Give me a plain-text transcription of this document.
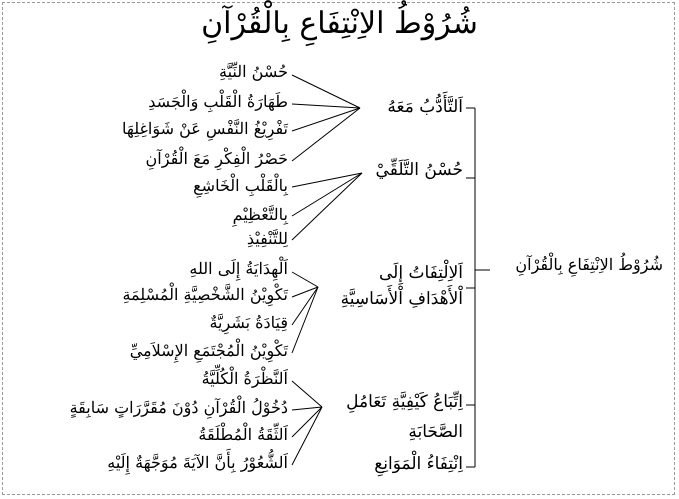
شُرُوْطُ الاِنْتِفَاعِ بِالْقُرْآنِ
حُسْنُ النِّيَّةِ
طَهَارَةُ الْقَلْبِ وَالْجَسَدِ
تَفْرِيْغُ النَّفْسِ عَنْ شَوَاغِلِهَا
حَصْرُ الْفِكْرِ مَعَ الْقُرْآنِ
بِالْقَلْبِ الْخَاشِعِ
بِالتَّعْظِيْمِ
لِلتَّنْفِيْذِ
اَلْهِدَايَةُ إِلَى اللهِ
تَكْوِيْنُ الشَّخْصِيَّةِ الْمُسْلِمَةِ
قِيَادَةُ بَشَرِيَّةٌ
تَكْوِيْنُ الْمُجْتَمَعِ الإِسْلاَمِيِّ
اَلنَّظْرَةُ الْكُلِّيَّةُ
دُخُوْلُ الْقُرْآنِ دُوْنَ مُقَرَّرَاتٍ سَابِقَةٍ
اَلثِّقَةُ الْمُطْلَقَةُ
اَلشُّعُوْرُ بِأَنَّ الآيَةَ مُوَجَّهَةٌ إِلَيْهِ
اَلتَّأَدُّبُ مَعَهُ
حُسْنُ التَّلَقِّيْ
اَلاِلْتِفَاتُ إِلَى
اْلأَهْدَافِ اْلأَسَاسِيَّةِ
اِتِّبَاعُ كَيْفِيَّةِ تَعَامُلِ
الصَّحَابَةِ
اِنْتِفَاءُ الْمَوَانِعِ
شُرُوْطُ الاِنْتِفَاعِ بِالْقُرْآنِ
